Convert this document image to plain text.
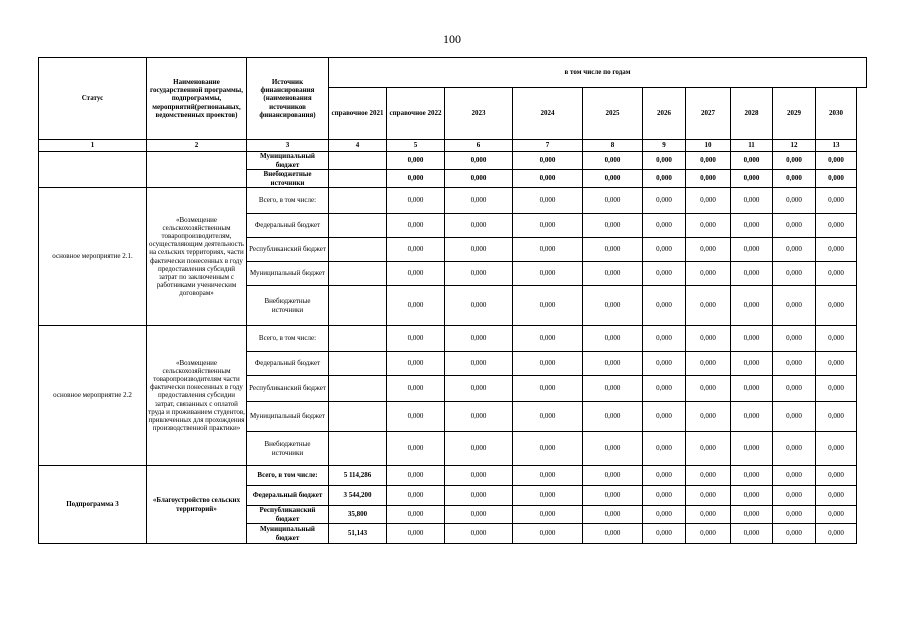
100
Статус	Наименование государственной программы, подпрограммы, мероприятий(регионаьных, ведомственных проектов)	Источник финансирования (наименования источников финансирования)	в том числе по годам										
			справочное 2021	справочное 2022	2023	2024	2025	2026	2027	2028	2029	2030	
1	2	3	4	5	6	7	8	9	10	11	12	13	
		Муниципальный бюджет		0,000	0,000	0,000	0,000	0,000	0,000	0,000	0,000	0,000	
		Внебюджетные источники		0,000	0,000	0,000	0,000	0,000	0,000	0,000	0,000	0,000	
основное мероприятие 2.1.	«Возмещение сельскохозяйственным товаропроизводителям, осуществляющим деятельность на сельских территориях, части фактически понесенных в году предоставления субсидий затрат по заключенным с работниками ученическим договорам»	Всего, в том числе:		0,000	0,000	0,000	0,000	0,000	0,000	0,000	0,000	0,000	
		Федеральный бюджет		0,000	0,000	0,000	0,000	0,000	0,000	0,000	0,000	0,000	
		Республиканский бюджет		0,000	0,000	0,000	0,000	0,000	0,000	0,000	0,000	0,000	
		Муниципальный бюджет		0,000	0,000	0,000	0,000	0,000	0,000	0,000	0,000	0,000	
		Внебюджетные источники		0,000	0,000	0,000	0,000	0,000	0,000	0,000	0,000	0,000	
основное мероприятие 2.2	«Возмещение сельскохозяйственным товаропроизводителям части фактически понесенных в году предоставления субсидии затрат, связанных с оплатой труда и проживанием студентов, привлеченных для прохождения производственной практики»	Всего, в том числе:		0,000	0,000	0,000	0,000	0,000	0,000	0,000	0,000	0,000	
		Федеральный бюджет		0,000	0,000	0,000	0,000	0,000	0,000	0,000	0,000	0,000	
		Республиканский бюджет		0,000	0,000	0,000	0,000	0,000	0,000	0,000	0,000	0,000	
		Муниципальный бюджет		0,000	0,000	0,000	0,000	0,000	0,000	0,000	0,000	0,000	
		Внебюджетные источники		0,000	0,000	0,000	0,000	0,000	0,000	0,000	0,000	0,000	
Подпрограмма 3	«Благоустройство сельских территорий»	Всего, в том числе:	5 114,286	0,000	0,000	0,000	0,000	0,000	0,000	0,000	0,000	0,000	
		Федеральный бюджет	3 544,200	0,000	0,000	0,000	0,000	0,000	0,000	0,000	0,000	0,000	
		Республиканский бюджет	35,800	0,000	0,000	0,000	0,000	0,000	0,000	0,000	0,000	0,000	
		Муниципальный бюджет	51,143	0,000	0,000	0,000	0,000	0,000	0,000	0,000	0,000	0,000	
